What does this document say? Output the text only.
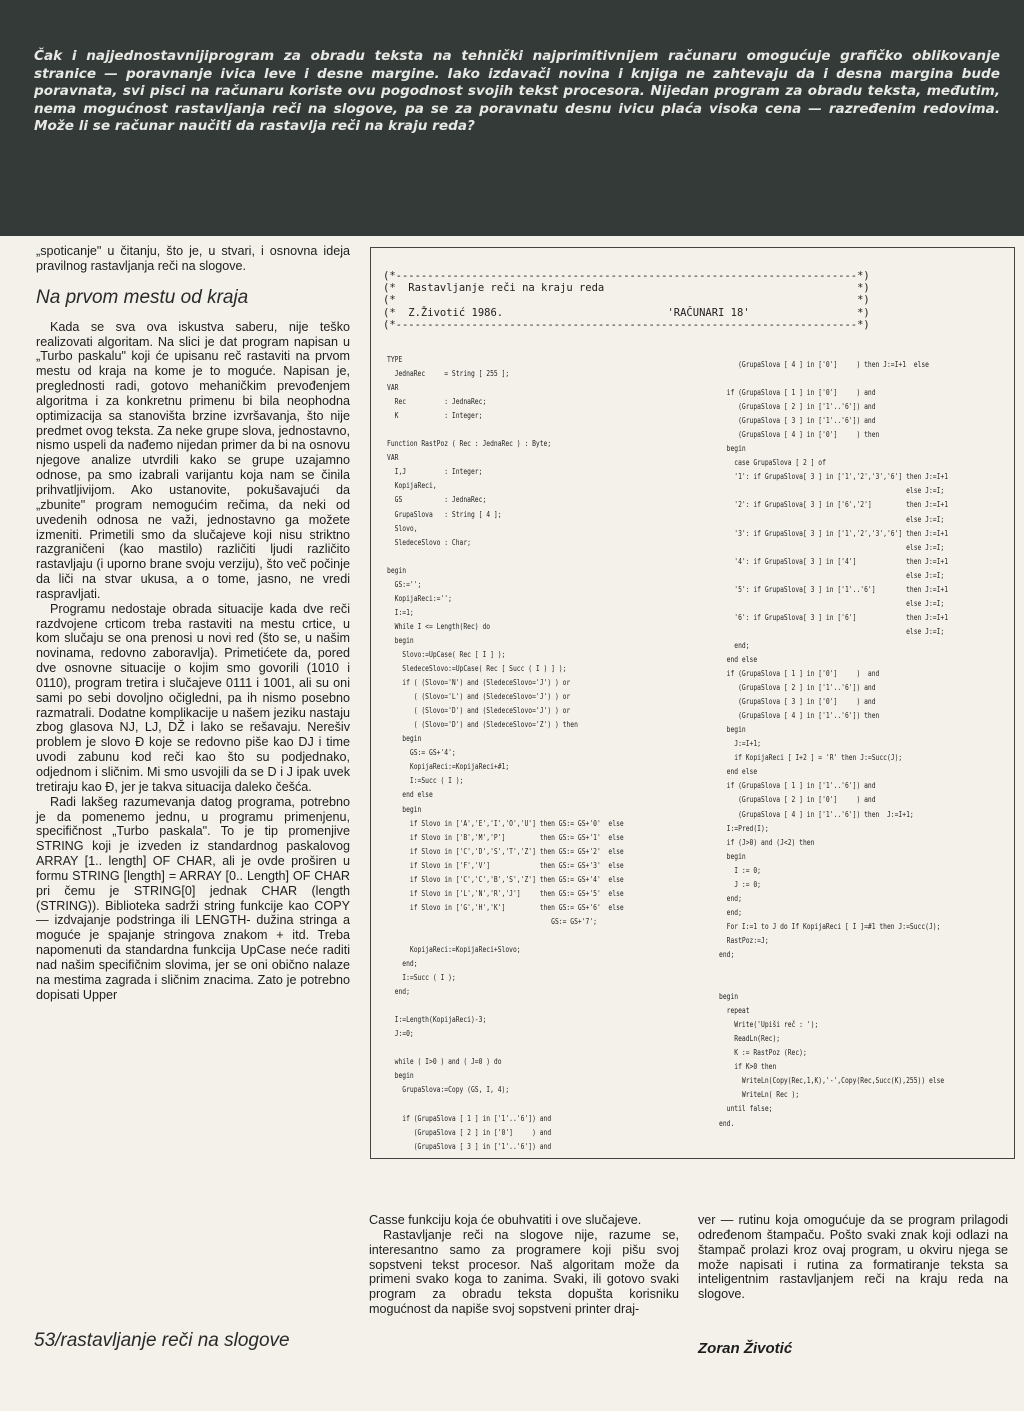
Čak i najjednostavnijiprogram za obradu teksta na tehnički najprimitivnijem računaru omogućuje grafičko oblikovanje stranice — poravnanje ivica leve i desne margine. Iako izdavači novina i knjiga ne zahtevaju da i desna margina bude poravnata, svi pisci na računaru koriste ovu pogodnost svojih tekst procesora. Nijedan program za obradu teksta, međutim, nema mogućnost rastavljanja reči na slogove, pa se za poravnatu desnu ivicu plaća visoka cena — razređenim redovima. Može li se računar naučiti da rastavlja reči na kraju reda?

„spoticanje" u čitanju, što je, u stvari, i osnovna ideja pravilnog rastavljanja reči na slogove.

Na prvom mestu od kraja

Kada se sva ova iskustva saberu, nije teško realizovati algoritam. Na slici je dat program napisan u „Turbo paskalu" koji će upisanu reč rastaviti na prvom mestu od kraja na kome je to moguće. Napisan je, preglednosti radi, gotovo mehaničkim prevođenjem algoritma i za konkretnu primenu bi bila neophodna optimizacija sa stanovišta brzine izvršavanja, što nije predmet ovog teksta. Za neke grupe slova, jednostavno, nismo uspeli da nađemo nijedan primer da bi na osnovu njegove analize utvrdili kako se grupe uzajamno odnose, pa smo izabrali varijantu koja nam se činila prihvatljivijom. Ako ustanovite, pokušavajući da „zbunite" program nemogućim rečima, da neki od uvedenih odnosa ne važi, jednostavno ga možete izmeniti. Primetili smo da slučajeve koji nisu striktno razgraničeni (kao mastilo) različiti ljudi različito rastavljaju (i uporno brane svoju verziju), što več počinje da liči na stvar ukusa, a o tome, jasno, ne vredi raspravljati.

Programu nedostaje obrada situacije kada dve reči razdvojene crticom treba rastaviti na mestu crtice, u kom slučaju se ona prenosi u novi red (što se, u našim novinama, redovno zaboravlja). Primetićete da, pored dve osnovne situacije o kojim smo govorili (1010 i 0110), program tretira i slučajeve 0111 i 1001, ali su oni sami po sebi dovoljno očigledni, pa ih nismo posebno razmatrali. Dodatne komplikacije u našem jeziku nastaju zbog glasova NJ, LJ, DŽ i lako se rešavaju. Nerešiv problem je slovo Đ koje se redovno piše kao DJ i time uvodi zabunu kod reči kao što su podjednako, odjednom i sličnim. Mi smo usvojili da se D i J ipak uvek tretiraju kao Đ, jer je takva situacija daleko češća.

Radi lakšeg razumevanja datog programa, potrebno je da pomenemo jednu, u programu primenjenu, specifičnost „Turbo paskala". To je tip promenjive STRING koji je izveden iz standardnog paskalovog ARRAY [1.. length] OF CHAR, ali je ovde proširen u formu STRING [length] = ARRAY [0.. Length] OF CHAR pri čemu je STRING[0] jednak CHAR (length (STRING)). Biblioteka sadrži string funkcije kao COPY — izdvajanje podstringa ili LENGTH- dužina stringa a moguće je spajanje stringova znakom + itd. Treba napomenuti da standardna funkcija UpCase neće raditi nad našim specifičnim slovima, jer se oni obično nalaze na mestima zagrada i sličnim znacima. Zato je potrebno dopisati Upper

(*-------------------------------------------------------------------------*)
(*  Rastavljanje reči na kraju reda                                        *)
(*                                                                         *)
(*  Z.Životić 1986.                          'RAČUNARI 18'                 *)
(*-------------------------------------------------------------------------*)
TYPE
JednaRec     = String [ 255 ];
VAR
Rec          : JednaRec;
K            : Integer;

Function RastPoz ( Rec : JednaRec ) : Byte;
VAR
I,J          : Integer;
KopijaReci,
GS           : JednaRec;
GrupaSlova   : String [ 4 ];
Slovo,
SledeceSlovo : Char;

begin
GS:='';
KopijaReci:='';
I:=1;
While I <= Length(Rec) do
begin
Slovo:=UpCase( Rec [ I ] );
SledeceSlovo:=UpCase( Rec [ Succ ( I ) ] );
if ( (Slovo='N') and (SledeceSlovo='J') ) or
( (Slovo='L') and (SledeceSlovo='J') ) or
( (Slovo='D') and (SledeceSlovo='J') ) or
( (Slovo='D') and (SledeceSlovo='Z') ) then
begin
GS:= GS+'4';
KopijaReci:=KopijaReci+#1;
I:=Succ ( I );
end else
begin
if Slovo in ['A','E','I','O','U'] then GS:= GS+'0'  else
if Slovo in ['B','M','P']         then GS:= GS+'1'  else
if Slovo in ['C','D','S','T','Z'] then GS:= GS+'2'  else
if Slovo in ['F','V']             then GS:= GS+'3'  else
if Slovo in ['C','C','B','S','Z'] then GS:= GS+'4'  else
if Slovo in ['L','N','R','J']     then GS:= GS+'5'  else
if Slovo in ['G','H','K']         then GS:= GS+'6'  else
GS:= GS+'7';

KopijaReci:=KopijaReci+Slovo;
end;
I:=Succ ( I );
end;

I:=Length(KopijaReci)-3;
J:=0;

while ( I>0 ) and ( J=0 ) do
begin
GrupaSlova:=Copy (GS, I, 4);

if (GrupaSlova [ 1 ] in ['1'..'6']) and
(GrupaSlova [ 2 ] in ['0']     ) and
(GrupaSlova [ 3 ] in ['1'..'6']) and
(GrupaSlova [ 4 ] in ['0']     ) then J:=I+1  else

if (GrupaSlova [ 1 ] in ['0']     ) and
(GrupaSlova [ 2 ] in ['1'..'6']) and
(GrupaSlova [ 3 ] in ['1'..'6']) and
(GrupaSlova [ 4 ] in ['0']     ) then
begin
case GrupaSlova [ 2 ] of
'1': if GrupaSlova[ 3 ] in ['1','2','3','6'] then J:=I+1
else J:=I;
'2': if GrupaSlova[ 3 ] in ['6','2']         then J:=I+1
else J:=I;
'3': if GrupaSlova[ 3 ] in ['1','2','3','6'] then J:=I+1
else J:=I;
'4': if GrupaSlova[ 3 ] in ['4']             then J:=I+1
else J:=I;
'5': if GrupaSlova[ 3 ] in ['1'..'6']        then J:=I+1
else J:=I;
'6': if GrupaSlova[ 3 ] in ['6']             then J:=I+1
else J:=I;
end;
end else
if (GrupaSlova [ 1 ] in ['0']     )  and
(GrupaSlova [ 2 ] in ['1'..'6']) and
(GrupaSlova [ 3 ] in ['0']     ) and
(GrupaSlova [ 4 ] in ['1'..'6']) then
begin
J:=I+1;
if KopijaReci [ I+2 ] = 'R' then J:=Succ(J);
end else
if (GrupaSlova [ 1 ] in ['1'..'6']) and
(GrupaSlova [ 2 ] in ['0']     ) and
(GrupaSlova [ 4 ] in ['1'..'6']) then  J:=I+1;
I:=Pred(I);
if (J>0) and (J<2) then
begin
I := 0;
J := 0;
end;
end;
For I:=1 to J do If KopijaReci [ I ]=#1 then J:=Succ(J);
RastPoz:=J;
end;

begin
repeat
Write('Upiši reč : ');
ReadLn(Rec);
K := RastPoz (Rec);
if K>0 then
WriteLn(Copy(Rec,1,K),'-',Copy(Rec,Succ(K),255)) else
WriteLn( Rec );
until false;
end.

Casse funkciju koja će obuhvatiti i ove slučajeve.

Rastavljanje reči na slogove nije, razume se, interesantno samo za programere koji pišu svoj sopstveni tekst procesor. Naš algoritam može da primeni svako koga to zanima. Svaki, ili gotovo svaki program za obradu teksta dopušta korisniku mogućnost da napiše svoj sopstveni printer draj-

ver — rutinu koja omogućuje da se program prilagodi određenom štampaču. Pošto svaki znak koji odlazi na štampač prolazi kroz ovaj program, u okviru njega se može napisati i rutina za formatiranje teksta sa inteligentnim rastavljanjem reči na kraju reda na slogove.

Zoran Životić
53/rastavljanje reči na slogove
